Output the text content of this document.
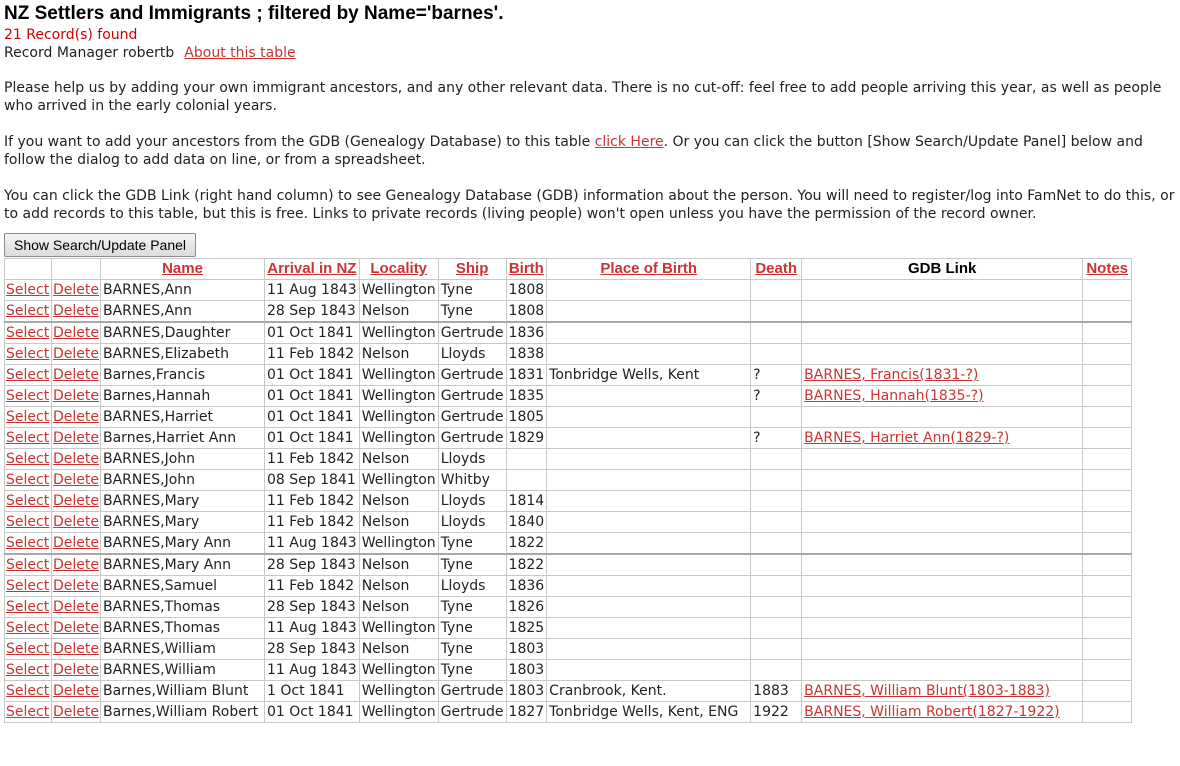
NZ Settlers and Immigrants ; filtered by Name='barnes'.
21 Record(s) found
Record Manager robertb About this table

Please help us by adding your own immigrant ancestors, and any other relevant data. There is no cut-off: feel free to add people arriving this year, as well as people who arrived in the early colonial years.

If you want to add your ancestors from the GDB (Genealogy Database) to this table click Here. Or you can click the button [Show Search/Update Panel] below and follow the dialog to add data on line, or from a spreadsheet.

You can click the GDB Link (right hand column) to see Genealogy Database (GDB) information about the person. You will need to register/log into FamNet to do this, or to add records to this table, but this is free. Links to private records (living people) won't open unless you have the permission of the record owner.

Show Search/Update Panel
		Name	Arrival in NZ	Locality	Ship	Birth	Place of Birth	Death	GDB Link	Notes
Select	Delete	BARNES,Ann	11 Aug 1843	Wellington	Tyne	1808				
Select	Delete	BARNES,Ann	28 Sep 1843	Nelson	Tyne	1808				
Select	Delete	BARNES,Daughter	01 Oct 1841	Wellington	Gertrude	1836				
Select	Delete	BARNES,Elizabeth	11 Feb 1842	Nelson	Lloyds	1838				
Select	Delete	Barnes,Francis	01 Oct 1841	Wellington	Gertrude	1831	Tonbridge Wells, Kent	?	BARNES, Francis(1831-?)	
Select	Delete	Barnes,Hannah	01 Oct 1841	Wellington	Gertrude	1835		?	BARNES, Hannah(1835-?)	
Select	Delete	BARNES,Harriet	01 Oct 1841	Wellington	Gertrude	1805				
Select	Delete	Barnes,Harriet Ann	01 Oct 1841	Wellington	Gertrude	1829		?	BARNES, Harriet Ann(1829-?)	
Select	Delete	BARNES,John	11 Feb 1842	Nelson	Lloyds					
Select	Delete	BARNES,John	08 Sep 1841	Wellington	Whitby					
Select	Delete	BARNES,Mary	11 Feb 1842	Nelson	Lloyds	1814				
Select	Delete	BARNES,Mary	11 Feb 1842	Nelson	Lloyds	1840				
Select	Delete	BARNES,Mary Ann	11 Aug 1843	Wellington	Tyne	1822				
Select	Delete	BARNES,Mary Ann	28 Sep 1843	Nelson	Tyne	1822				
Select	Delete	BARNES,Samuel	11 Feb 1842	Nelson	Lloyds	1836				
Select	Delete	BARNES,Thomas	28 Sep 1843	Nelson	Tyne	1826				
Select	Delete	BARNES,Thomas	11 Aug 1843	Wellington	Tyne	1825				
Select	Delete	BARNES,William	28 Sep 1843	Nelson	Tyne	1803				
Select	Delete	BARNES,William	11 Aug 1843	Wellington	Tyne	1803				
Select	Delete	Barnes,William Blunt	1 Oct 1841	Wellington	Gertrude	1803	Cranbrook, Kent.	1883	BARNES, William Blunt(1803-1883)	
Select	Delete	Barnes,William Robert	01 Oct 1841	Wellington	Gertrude	1827	Tonbridge Wells, Kent, ENG	1922	BARNES, William Robert(1827-1922)	
